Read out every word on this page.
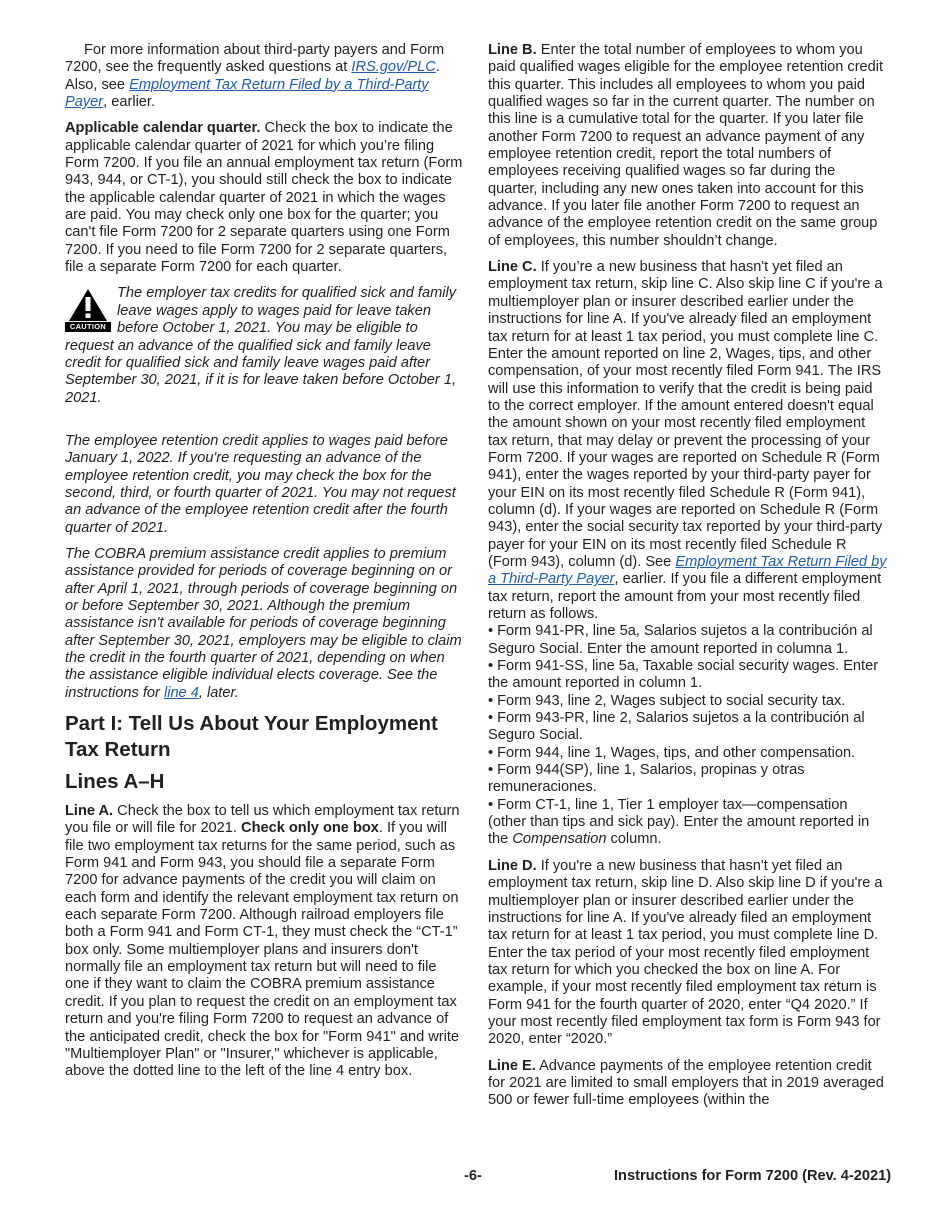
For more information about third-party payers and Form 7200, see the frequently asked questions at IRS.gov/PLC. Also, see Employment Tax Return Filed by a Third-Party Payer, earlier.

Applicable calendar quarter. Check the box to indicate the applicable calendar quarter of 2021 for which you’re filing Form 7200. If you file an annual employment tax return (Form 943, 944, or CT-1), you should still check the box to indicate the applicable calendar quarter of 2021 in which the wages are paid. You may check only one box for the quarter; you can't file Form 7200 for 2 separate quarters using one Form 7200. If you need to file Form 7200 for 2 separate quarters, file a separate Form 7200 for each quarter.

CAUTION

The employer tax credits for qualified sick and family leave wages apply to wages paid for leave taken before October 1, 2021. You may be eligible to request an advance of the qualified sick and family leave credit for qualified sick and family leave wages paid after September 30, 2021, if it is for leave taken before October 1, 2021.

The employee retention credit applies to wages paid before January 1, 2022. If you're requesting an advance of the employee retention credit, you may check the box for the second, third, or fourth quarter of 2021. You may not request an advance of the employee retention credit after the fourth quarter of 2021.

The COBRA premium assistance credit applies to premium assistance provided for periods of coverage beginning on or after April 1, 2021, through periods of coverage beginning on or before September 30, 2021. Although the premium assistance isn't available for periods of coverage beginning after September 30, 2021, employers may be eligible to claim the credit in the fourth quarter of 2021, depending on when the assistance eligible individual elects coverage. See the instructions for line 4, later.

Part I: Tell Us About Your Employment Tax Return
Lines A–H

Line A. Check the box to tell us which employment tax return you file or will file for 2021. Check only one box. If you will file two employment tax returns for the same period, such as Form 941 and Form 943, you should file a separate Form 7200 for advance payments of the credit you will claim on each form and identify the relevant employment tax return on each separate Form 7200. Although railroad employers file both a Form 941 and Form CT-1, they must check the “CT-1” box only. Some multiemployer plans and insurers don't normally file an employment tax return but will need to file one if they want to claim the COBRA premium assistance credit. If you plan to request the credit on an employment tax return and you're filing Form 7200 to request an advance of the anticipated credit, check the box for "Form 941" and write "Multiemployer Plan" or "Insurer," whichever is applicable, above the dotted line to the left of the line 4 entry box.

Line B. Enter the total number of employees to whom you paid qualified wages eligible for the employee retention credit this quarter. This includes all employees to whom you paid qualified wages so far in the current quarter. The number on this line is a cumulative total for the quarter. If you later file another Form 7200 to request an advance payment of any employee retention credit, report the total numbers of employees receiving qualified wages so far during the quarter, including any new ones taken into account for this advance. If you later file another Form 7200 to request an advance of the employee retention credit on the same group of employees, this number shouldn’t change.

Line C. If you’re a new business that hasn't yet filed an employment tax return, skip line C. Also skip line C if you're a multiemployer plan or insurer described earlier under the instructions for line A. If you've already filed an employment tax return for at least 1 tax period, you must complete line C. Enter the amount reported on line 2, Wages, tips, and other compensation, of your most recently filed Form 941. The IRS will use this information to verify that the credit is being paid to the correct employer. If the amount entered doesn't equal the amount shown on your most recently filed employment tax return, that may delay or prevent the processing of your Form 7200. If your wages are reported on Schedule R (Form 941), enter the wages reported by your third-party payer for your EIN on its most recently filed Schedule R (Form 941), column (d). If your wages are reported on Schedule R (Form 943), enter the social security tax reported by your third-party payer for your EIN on its most recently filed Schedule R (Form 943), column (d). See Employment Tax Return Filed by a Third-Party Payer, earlier. If you file a different employment tax return, report the amount from your most recently filed return as follows.

• Form 941-PR, line 5a, Salarios sujetos a la contribución al Seguro Social. Enter the amount reported in columna 1.
• Form 941-SS, line 5a, Taxable social security wages. Enter the amount reported in column 1.
• Form 943, line 2, Wages subject to social security tax.
• Form 943-PR, line 2, Salarios sujetos a la contribución al Seguro Social.
• Form 944, line 1, Wages, tips, and other compensation.
• Form 944(SP), line 1, Salarios, propinas y otras remuneraciones.
• Form CT-1, line 1, Tier 1 employer tax—compensation (other than tips and sick pay). Enter the amount reported in the Compensation column.

Line D. If you're a new business that hasn't yet filed an employment tax return, skip line D. Also skip line D if you're a multiemployer plan or insurer described earlier under the instructions for line A. If you've already filed an employment tax return for at least 1 tax period, you must complete line D. Enter the tax period of your most recently filed employment tax return for which you checked the box on line A. For example, if your most recently filed employment tax return is Form 941 for the fourth quarter of 2020, enter “Q4 2020.” If your most recently filed employment tax form is Form 943 for 2020, enter “2020.”

Line E. Advance payments of the employee retention credit for 2021 are limited to small employers that in 2019 averaged 500 or fewer full-time employees (within the

-6-	Instructions for Form 7200 (Rev. 4-2021)
